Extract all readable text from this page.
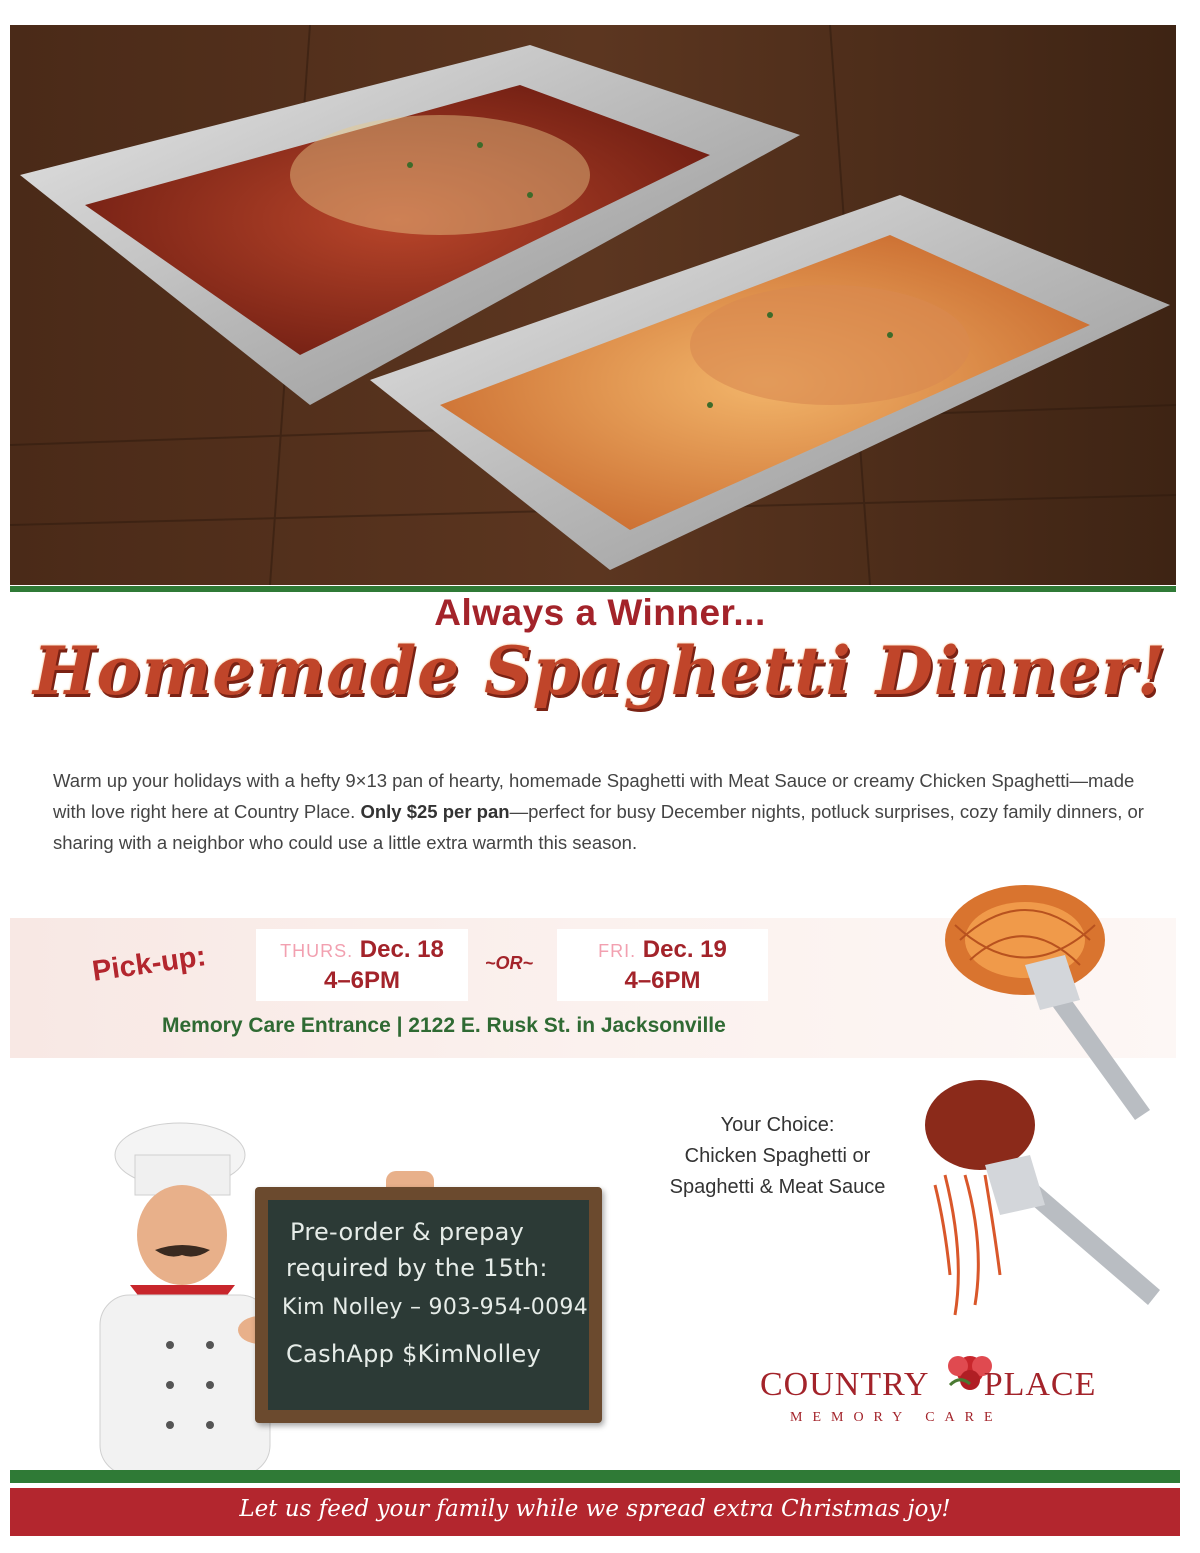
Always a Winner...
Homemade Spaghetti Dinner!
Warm up your holidays with a hefty 9×13 pan of hearty, homemade Spaghetti with Meat Sauce or creamy Chicken Spaghetti—made with love right here at Country Place. Only $25 per pan—perfect for busy December nights, potluck surprises, cozy family dinners, or sharing with a neighbor who could use a little extra warmth this season.
Pick-up:	THURS. Dec. 18
4–6PM
~OR~
FRI. Dec. 19
4–6PM
Memory Care Entrance | 2122 E. Rusk St. in Jacksonville
Your Choice:
Chicken Spaghetti or
Spaghetti & Meat Sauce
Pre-order & prepay
required by the 15th:
Kim Nolley – 903-954-0094
CashApp $KimNolley
COUNTRY PLACE
MEMORY CARE
Let us feed your family while we spread extra Christmas joy!
